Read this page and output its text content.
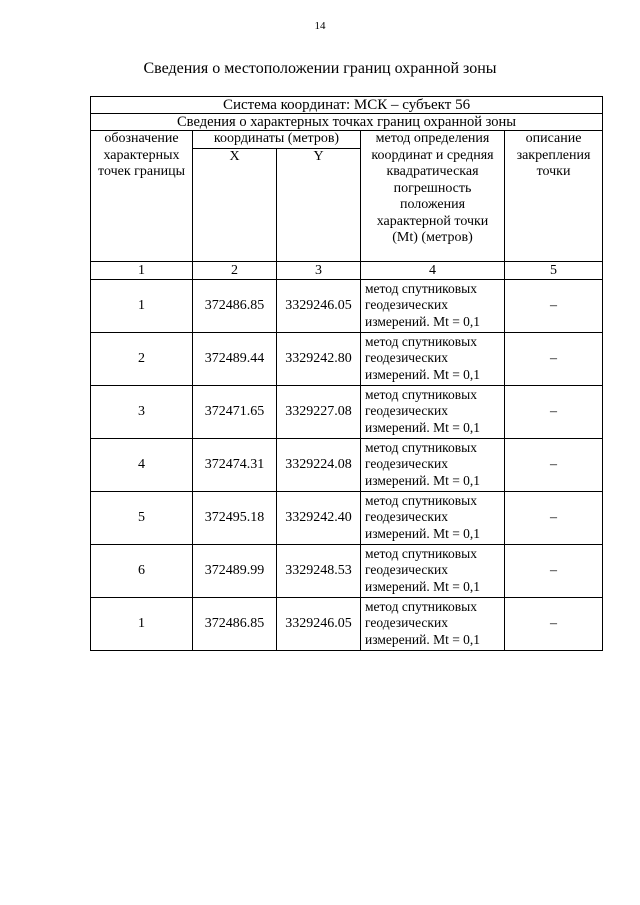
14
Сведения о местоположении границ охранной зоны
Система координат: МСК – субъект 56				
Сведения о характерных точках границ охранной зоны				
обозначение характерных точек границы	координаты (метров)		метод определения координат и средняя квадратическая погрешность положения характерной точки (Mt) (метров)	описание закрепления точки
	X	Y		
1	2	3	4	5
1	372486.85	3329246.05	метод спутниковых геодезических измерений. Mt = 0,1	–
2	372489.44	3329242.80	метод спутниковых геодезических измерений. Mt = 0,1	–
3	372471.65	3329227.08	метод спутниковых геодезических измерений. Mt = 0,1	–
4	372474.31	3329224.08	метод спутниковых геодезических измерений. Mt = 0,1	–
5	372495.18	3329242.40	метод спутниковых геодезических измерений. Mt = 0,1	–
6	372489.99	3329248.53	метод спутниковых геодезических измерений. Mt = 0,1	–
1	372486.85	3329246.05	метод спутниковых геодезических измерений. Mt = 0,1	–
